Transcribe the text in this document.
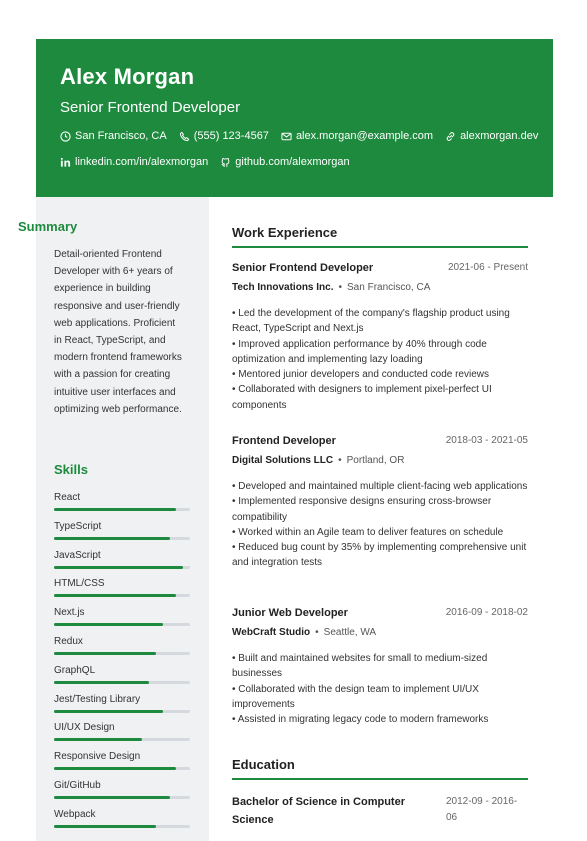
Alex Morgan
Senior Frontend Developer
San Francisco, CA (555) 123-4567 alex.morgan@example.com alexmorgan.dev
linkedin.com/in/alexmorgan github.com/alexmorgan
Summary
Detail-oriented Frontend Developer with 6+ years of experience in building responsive and user-friendly web applications. Proficient in React, TypeScript, and modern frontend frameworks with a passion for creating intuitive user interfaces and optimizing web performance.
Skills
React
TypeScript
JavaScript
HTML/CSS
Next.js
Redux
GraphQL
Jest/Testing Library
UI/UX Design
Responsive Design
Git/GitHub
Webpack
Work Experience
Senior Frontend Developer	2021-06 - Present
Tech Innovations Inc. • San Francisco, CA
• Led the development of the company's flagship product using React, TypeScript and Next.js
• Improved application performance by 40% through code optimization and implementing lazy loading
• Mentored junior developers and conducted code reviews
• Collaborated with designers to implement pixel-perfect UI components
Frontend Developer	2018-03 - 2021-05
Digital Solutions LLC • Portland, OR
• Developed and maintained multiple client-facing web applications
• Implemented responsive designs ensuring cross-browser compatibility
• Worked within an Agile team to deliver features on schedule
• Reduced bug count by 35% by implementing comprehensive unit and integration tests
Junior Web Developer	2016-09 - 2018-02
WebCraft Studio • Seattle, WA
• Built and maintained websites for small to medium-sized businesses
• Collaborated with the design team to implement UI/UX improvements
• Assisted in migrating legacy code to modern frameworks
Education
Bachelor of Science in Computer Science
2012-09 - 2016-06
